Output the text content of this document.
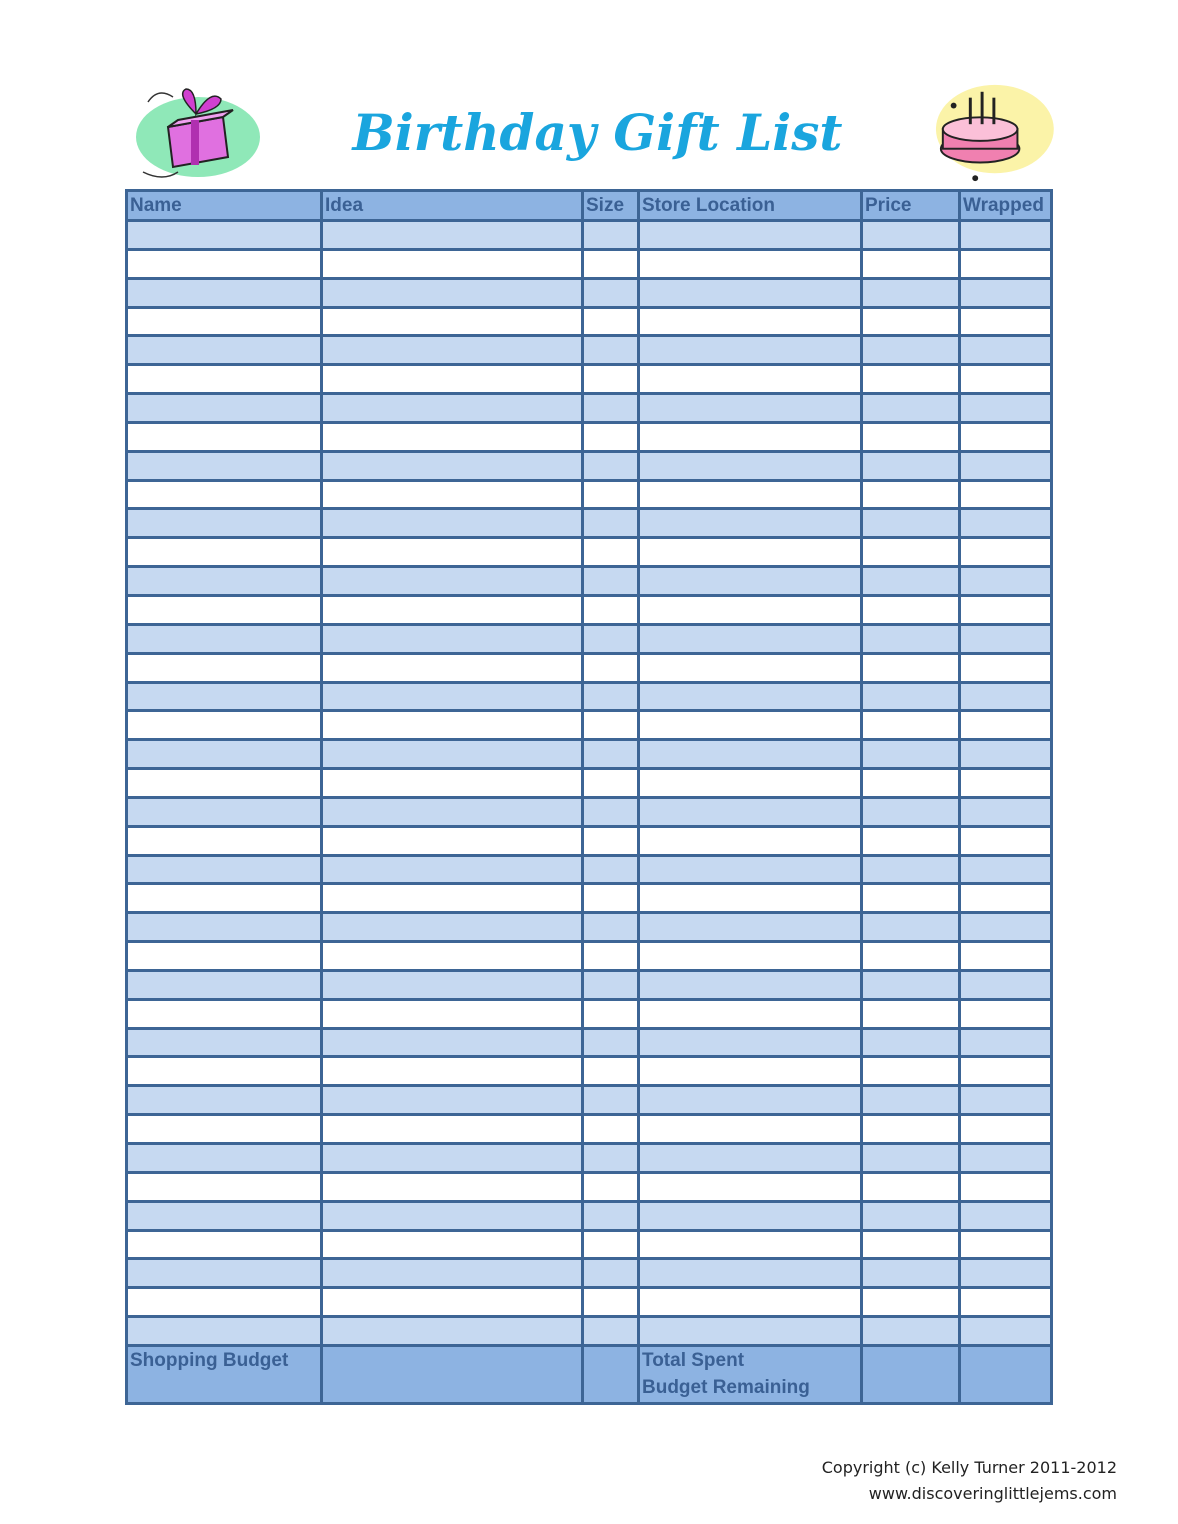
Birthday Gift List
Name	Idea	Size	Store Location	Price	Wrapped

Shopping Budget			Total Spent
Budget Remaining		

Copyright (c) Kelly Turner 2011-2012
www.discoveringlittlejems.com
